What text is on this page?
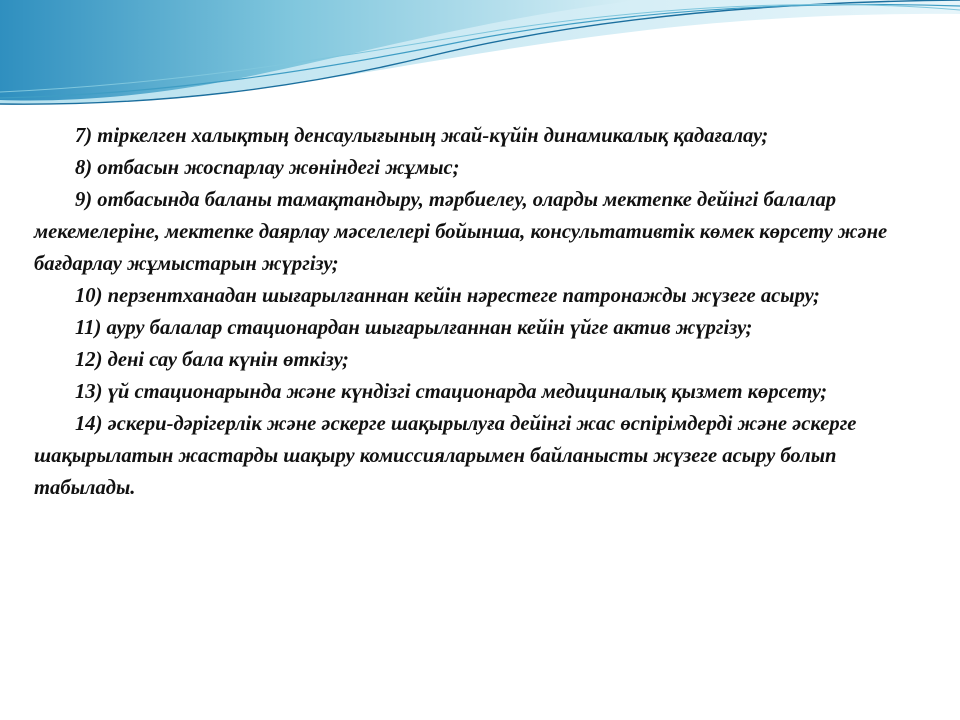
7) тіркелген халықтың денсаулығының жай-күйін динамикалық қадағалау;

8) отбасын жоспарлау жөніндегі жұмыс;

9) отбасында баланы тамақтандыру, тәрбиелеу, оларды мектепке дейінгі балалар мекемелеріне, мектепке даярлау мәселелері бойынша, консультативтік көмек көрсету және бағдарлау жұмыстарын жүргізу;

10) перзентханадан шығарылғаннан кейін нәрестеге патронажды жүзеге асыру;

11) ауру балалар стационардан шығарылғаннан кейін үйге актив жүргізу;

12) дені сау бала күнін өткізу;

13) үй стационарында және күндізгі стационарда медициналық қызмет көрсету;

14) әскери-дәрігерлік және әскерге шақырылуға дейінгі жас өспірімдерді және әскерге шақырылатын жастарды шақыру комиссияларымен байланысты жүзеге асыру болып табылады.
